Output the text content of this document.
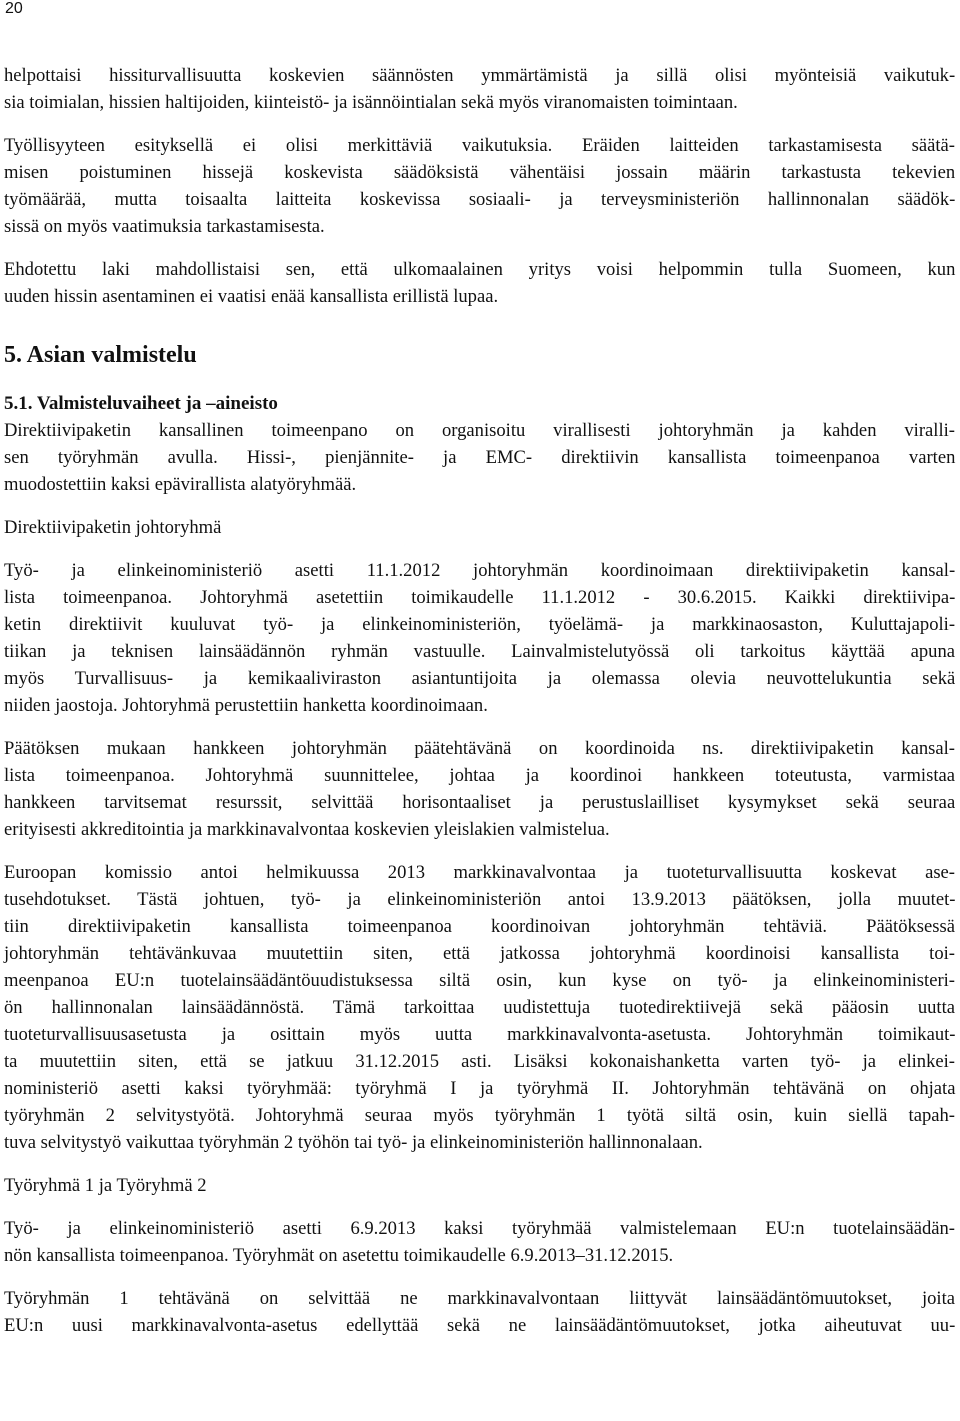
20

helpottaisi hissiturvallisuutta koskevien säännösten ymmärtämistä ja sillä olisi myönteisiä vaikutuk-
sia toimialan, hissien haltijoiden, kiinteistö- ja isännöintialan sekä myös viranomaisten toimintaan.

Työllisyyteen esityksellä ei olisi merkittäviä vaikutuksia. Eräiden laitteiden tarkastamisesta säätä-
misen poistuminen hissejä koskevista säädöksistä vähentäisi jossain määrin tarkastusta tekevien
työmäärää, mutta toisaalta laitteita koskevissa sosiaali- ja terveysministeriön hallinnonalan säädök-
sissä on myös vaatimuksia tarkastamisesta.

Ehdotettu laki mahdollistaisi sen, että ulkomaalainen yritys voisi helpommin tulla Suomeen, kun
uuden hissin asentaminen ei vaatisi enää kansallista erillistä lupaa.

5. Asian valmistelu
5.1. Valmisteluvaiheet ja –aineisto

Direktiivipaketin kansallinen toimeenpano on organisoitu virallisesti johtoryhmän ja kahden viralli-
sen työryhmän avulla. Hissi-, pienjännite- ja EMC- direktiivin kansallista toimeenpanoa varten
muodostettiin kaksi epävirallista alatyöryhmää.

Direktiivipaketin johtoryhmä

Työ- ja elinkeinoministeriö asetti 11.1.2012 johtoryhmän koordinoimaan direktiivipaketin kansal-
lista toimeenpanoa. Johtoryhmä asetettiin toimikaudelle 11.1.2012 - 30.6.2015. Kaikki direktiivipa-
ketin direktiivit kuuluvat työ- ja elinkeinoministeriön, työelämä- ja markkinaosaston, Kuluttajapoli-
tiikan ja teknisen lainsäädännön ryhmän vastuulle. Lainvalmistelutyössä oli tarkoitus käyttää apuna
myös Turvallisuus- ja kemikaaliviraston asiantuntijoita ja olemassa olevia neuvottelukuntia sekä
niiden jaostoja. Johtoryhmä perustettiin hanketta koordinoimaan.

Päätöksen mukaan hankkeen johtoryhmän päätehtävänä on koordinoida ns. direktiivipaketin kansal-
lista toimeenpanoa. Johtoryhmä suunnittelee, johtaa ja koordinoi hankkeen toteutusta, varmistaa
hankkeen tarvitsemat resurssit, selvittää horisontaaliset ja perustuslailliset kysymykset sekä seuraa
erityisesti akkreditointia ja markkinavalvontaa koskevien yleislakien valmistelua.

Euroopan komissio antoi helmikuussa 2013 markkinavalvontaa ja tuoteturvallisuutta koskevat ase-
tusehdotukset. Tästä johtuen, työ- ja elinkeinoministeriön antoi 13.9.2013 päätöksen, jolla muutet-
tiin direktiivipaketin kansallista toimeenpanoa koordinoivan johtoryhmän tehtäviä. Päätöksessä
johtoryhmän tehtävänkuvaa muutettiin siten, että jatkossa johtoryhmä koordinoisi kansallista toi-
meenpanoa EU:n tuotelainsäädäntöuudistuksessa siltä osin, kun kyse on työ- ja elinkeinoministeri-
ön hallinnonalan lainsäädännöstä. Tämä tarkoittaa uudistettuja tuotedirektiivejä sekä pääosin uutta
tuoteturvallisuusasetusta ja osittain myös uutta markkinavalvonta-asetusta. Johtoryhmän toimikaut-
ta muutettiin siten, että se jatkuu 31.12.2015 asti. Lisäksi kokonaishanketta varten työ- ja elinkei-
noministeriö asetti kaksi työryhmää: työryhmä I ja työryhmä II. Johtoryhmän tehtävänä on ohjata
työryhmän 2 selvitystyötä. Johtoryhmä seuraa myös työryhmän 1 työtä siltä osin, kuin siellä tapah-
tuva selvitystyö vaikuttaa työryhmän 2 työhön tai työ- ja elinkeinoministeriön hallinnonalaan.

Työryhmä 1 ja Työryhmä 2

Työ- ja elinkeinoministeriö asetti 6.9.2013 kaksi työryhmää valmistelemaan EU:n tuotelainsäädän-
nön kansallista toimeenpanoa. Työryhmät on asetettu toimikaudelle 6.9.2013–31.12.2015.

Työryhmän 1 tehtävänä on selvittää ne markkinavalvontaan liittyvät lainsäädäntömuutokset, joita
EU:n uusi markkinavalvonta-asetus edellyttää sekä ne lainsäädäntömuutokset, jotka aiheutuvat uu-
